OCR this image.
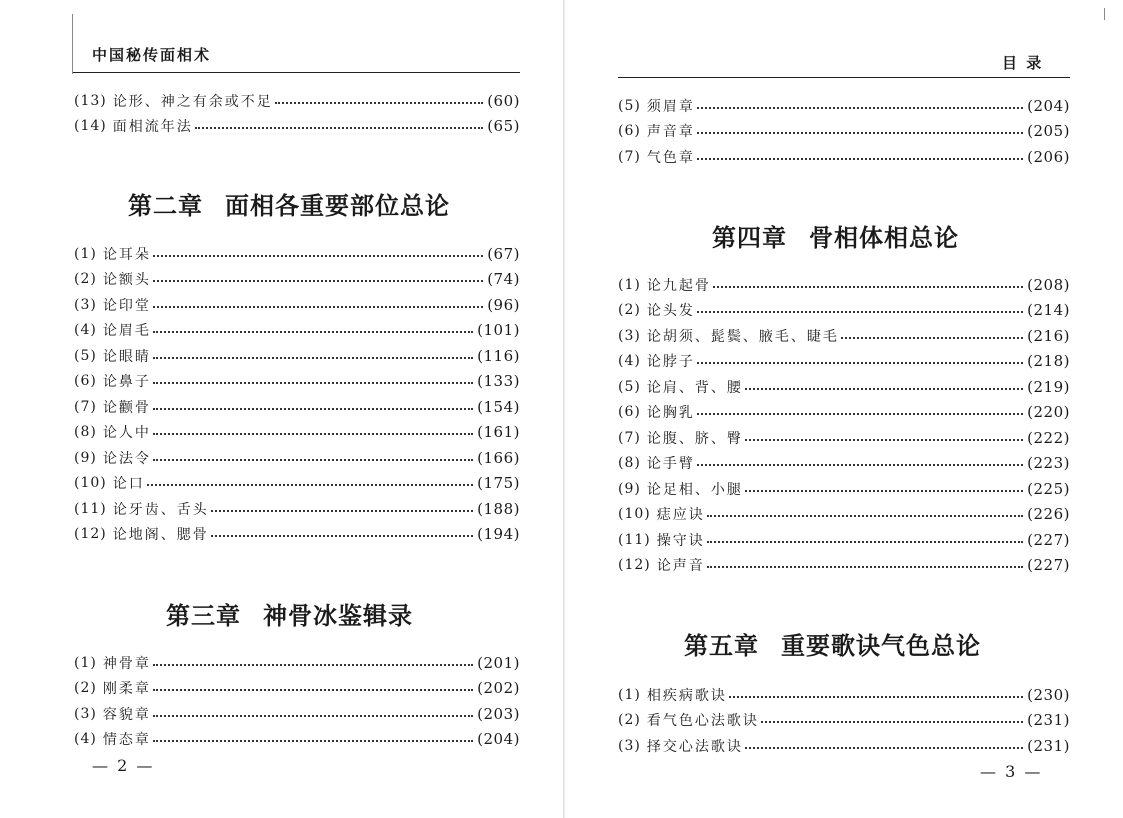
中国秘传面相术
(13) 论形、神之有余或不足	(60)
(14) 面相流年法	(65)
第二章 面相各重要部位总论
(1) 论耳朵	(67)
(2) 论额头	(74)
(3) 论印堂	(96)
(4) 论眉毛	(101)
(5) 论眼睛	(116)
(6) 论鼻子	(133)
(7) 论颧骨	(154)
(8) 论人中	(161)
(9) 论法令	(166)
(10) 论口	(175)
(11) 论牙齿、舌头	(188)
(12) 论地阁、腮骨	(194)
第三章 神骨冰鉴辑录
(1) 神骨章	(201)
(2) 刚柔章	(202)
(3) 容貌章	(203)
(4) 情态章	(204)
— 2 —
目 录
(5) 须眉章	(204)
(6) 声音章	(205)
(7) 气色章	(206)
第四章 骨相体相总论
(1) 论九起骨	(208)
(2) 论头发	(214)
(3) 论胡须、髭鬓、腋毛、睫毛	(216)
(4) 论脖子	(218)
(5) 论肩、背、腰	(219)
(6) 论胸乳	(220)
(7) 论腹、脐、臀	(222)
(8) 论手臂	(223)
(9) 论足相、小腿	(225)
(10) 痣应诀	(226)
(11) 操守诀	(227)
(12) 论声音	(227)
第五章 重要歌诀气色总论
(1) 相疾病歌诀	(230)
(2) 看气色心法歌诀	(231)
(3) 择交心法歌诀	(231)
— 3 —
